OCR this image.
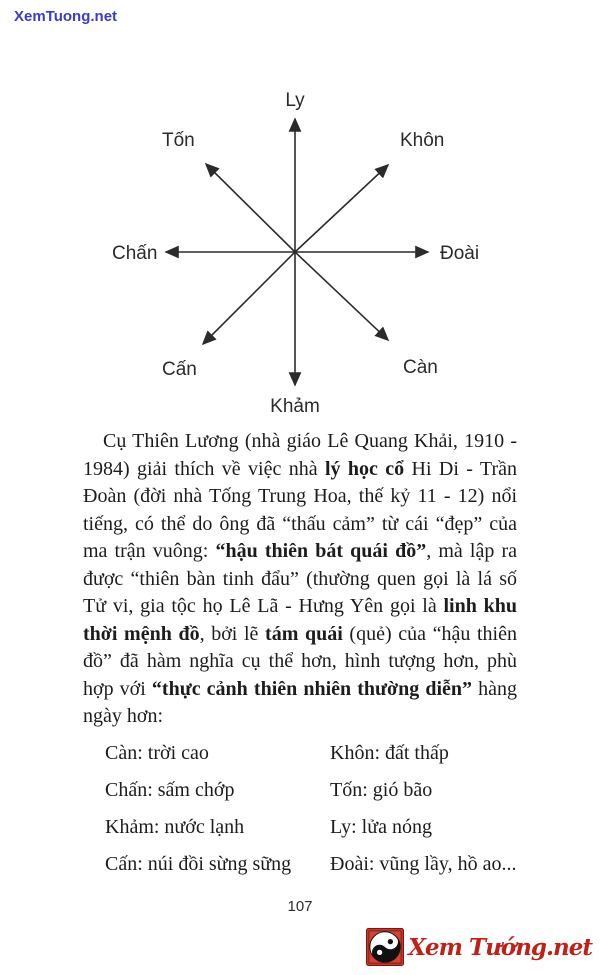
XemTuong.net
Ly
Khôn
Đoài
Càn
Khảm
Cấn
Chấn
Tốn

Cụ Thiên Lương (nhà giáo Lê Quang Khải, 1910 - 1984) giải thích về việc nhà lý học cổ Hi Di - Trần Đoàn (đời nhà Tống Trung Hoa, thế kỷ 11 - 12) nổi tiếng, có thể do ông đã “thấu cảm” từ cái “đẹp” của ma trận vuông: “hậu thiên bát quái đồ”, mà lập ra được “thiên bàn tinh đẩu” (thường quen gọi là lá số Tử vi, gia tộc họ Lê Lã - Hưng Yên gọi là linh khu thời mệnh đồ, bởi lẽ tám quái (quẻ) của “hậu thiên đồ” đã hàm nghĩa cụ thể hơn, hình tượng hơn, phù hợp với “thực cảnh thiên nhiên thường diễn” hàng ngày hơn:

Càn: trời cao	Khôn: đất thấp
Chấn: sấm chớp	Tốn: gió bão
Khảm: nước lạnh	Ly: lửa nóng
Cấn: núi đồi sừng sững	Đoài: vũng lầy, hồ ao...
107
Xem Tướng.net
